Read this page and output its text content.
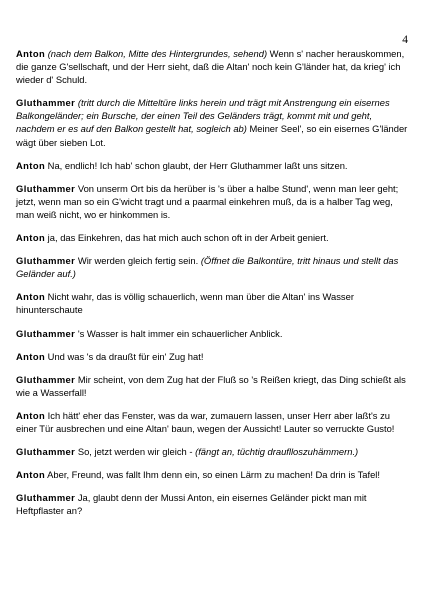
4

Anton (nach dem Balkon, Mitte des Hintergrundes, sehend) Wenn s' nacher herauskommen, die ganze G'sellschaft, und der Herr sieht, daß die Altan' noch kein G'länder hat, da krieg' ich wieder d' Schuld.

Gluthammer (tritt durch die Mitteltüre links herein und trägt mit Anstrengung ein eisernes Balkongeländer; ein Bursche, der einen Teil des Geländers trägt, kommt mit und geht, nachdem er es auf den Balkon gestellt hat, sogleich ab) Meiner Seel', so ein eisernes G'länder wägt über sieben Lot.

Anton Na, endlich! Ich hab' schon glaubt, der Herr Gluthammer laßt uns sitzen.

Gluthammer Von unserm Ort bis da herüber is 's über a halbe Stund', wenn man leer geht; jetzt, wenn man so ein G'wicht tragt und a paarmal einkehren muß, da is a halber Tag weg, man weiß nicht, wo er hinkommen is.

Anton ja, das Einkehren, das hat mich auch schon oft in der Arbeit geniert.

Gluthammer Wir werden gleich fertig sein. (Öffnet die Balkontüre, tritt hinaus und stellt das Geländer auf.)

Anton Nicht wahr, das is völlig schauerlich, wenn man über die Altan' ins Wasser hinunterschaute

Gluthammer 's Wasser is halt immer ein schauerlicher Anblick.

Anton Und was 's da draußt für ein' Zug hat!

Gluthammer Mir scheint, von dem Zug hat der Fluß so 's Reißen kriegt, das Ding schießt als wie a Wasserfall!

Anton Ich hätt' eher das Fenster, was da war, zumauern lassen, unser Herr aber laßt's zu einer Tür ausbrechen und eine Altan' baun, wegen der Aussicht! Lauter so verruckte Gusto!

Gluthammer So, jetzt werden wir gleich - (fängt an, tüchtig drauflloszuhämmern.)

Anton Aber, Freund, was fallt Ihm denn ein, so einen Lärm zu machen! Da drin is Tafel!

Gluthammer Ja, glaubt denn der Mussi Anton, ein eisernes Geländer pickt man mit Heftpflaster an?
